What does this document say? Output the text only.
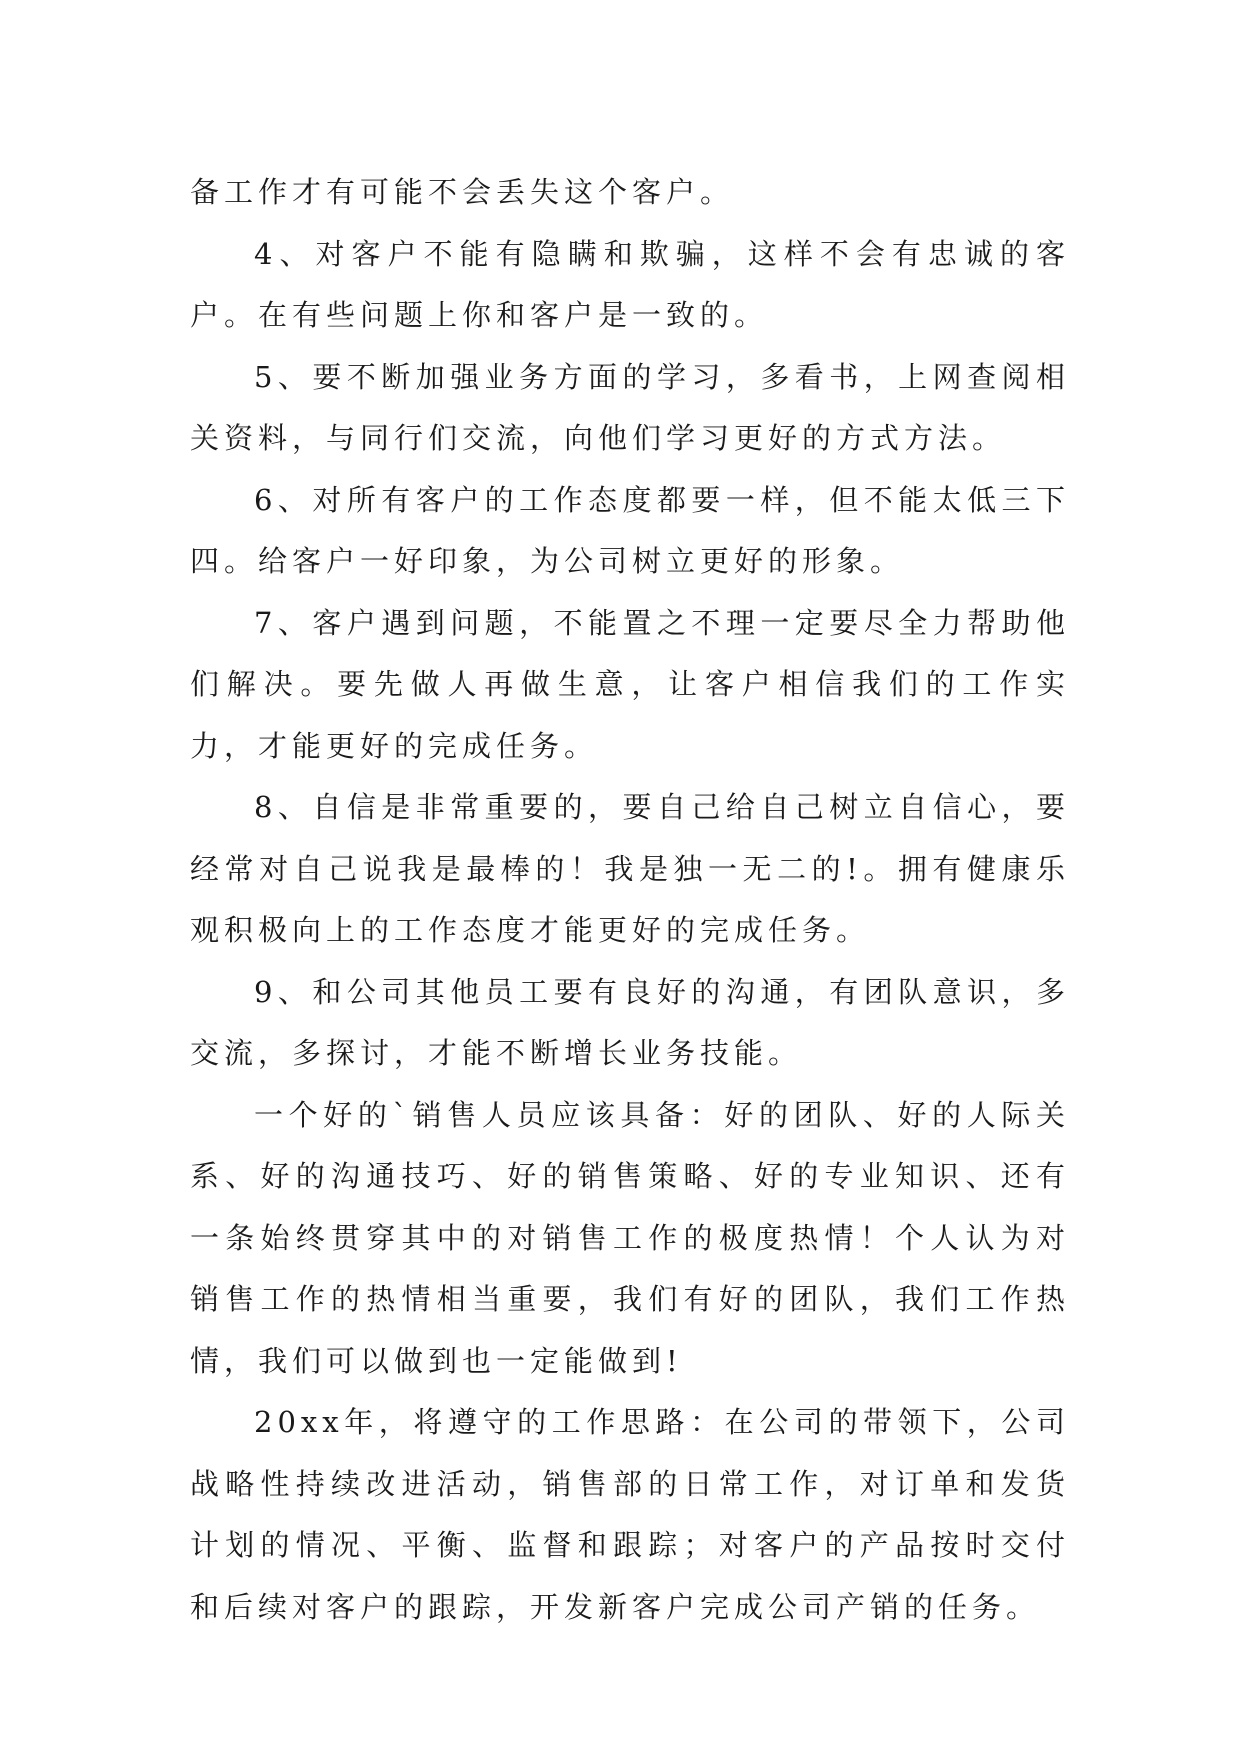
备工作才有可能不会丢失这个客户。

4、对客户不能有隐瞒和欺骗，这样不会有忠诚的客户。在有些问题上你和客户是一致的。

5、要不断加强业务方面的学习，多看书，上网查阅相关资料，与同行们交流，向他们学习更好的方式方法。

6、对所有客户的工作态度都要一样，但不能太低三下四。给客户一好印象，为公司树立更好的形象。

7、客户遇到问题，不能置之不理一定要尽全力帮助他们解决。要先做人再做生意，让客户相信我们的工作实力，才能更好的完成任务。

8、自信是非常重要的，要自己给自己树立自信心，要经常对自己说我是最棒的！我是独一无二的!。拥有健康乐观积极向上的工作态度才能更好的完成任务。

9、和公司其他员工要有良好的沟通，有团队意识，多交流，多探讨，才能不断增长业务技能。

一个好的`销售人员应该具备：好的团队、好的人际关系、好的沟通技巧、好的销售策略、好的专业知识、还有一条始终贯穿其中的对销售工作的极度热情！个人认为对销售工作的热情相当重要，我们有好的团队，我们工作热情，我们可以做到也一定能做到!

20xx年，将遵守的工作思路：在公司的带领下，公司战略性持续改进活动，销售部的日常工作，对订单和发货计划的情况、平衡、监督和跟踪；对客户的产品按时交付和后续对客户的跟踪，开发新客户完成公司产销的任务。
